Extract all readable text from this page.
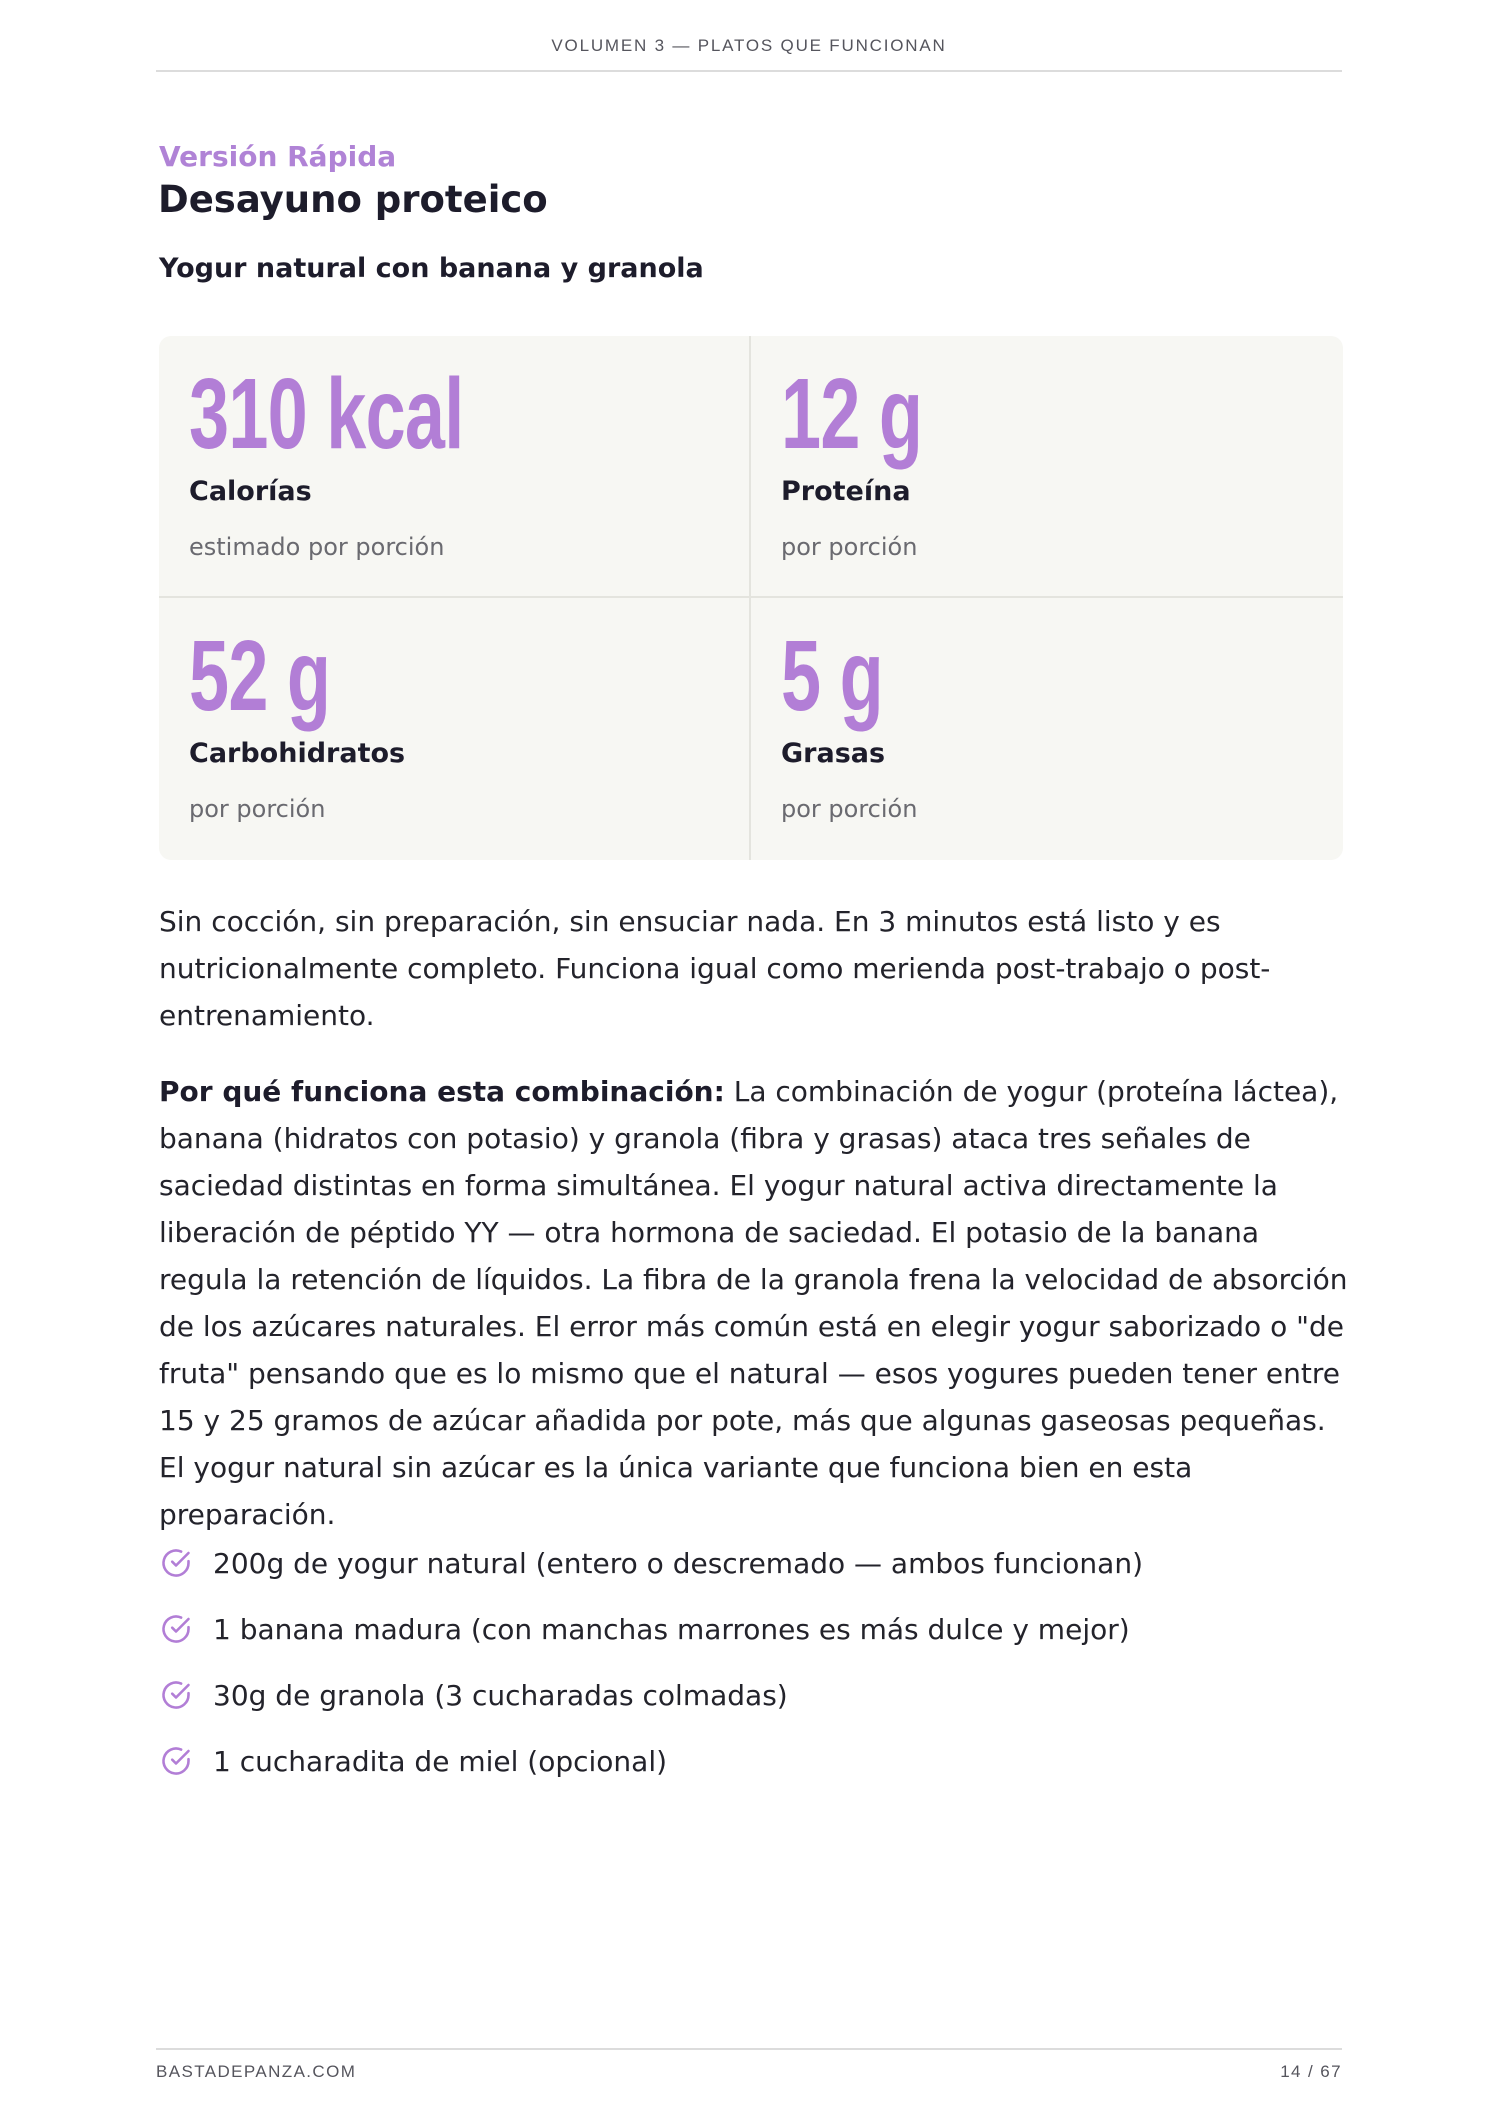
VOLUMEN 3 — PLATOS QUE FUNCIONAN
Versión Rápida
Desayuno proteico
Yogur natural con banana y granola
310 kcal
Calorías
estimado por porción
12 g
Proteína
por porción
52 g
Carbohidratos
por porción
5 g
Grasas
por porción

Sin cocción, sin preparación, sin ensuciar nada. En 3 minutos está listo y es nutricionalmente completo. Funciona igual como merienda post-trabajo o post-entrenamiento.

Por qué funciona esta combinación: La combinación de yogur (proteína láctea), banana (hidratos con potasio) y granola (fibra y grasas) ataca tres señales de saciedad distintas en forma simultánea. El yogur natural activa directamente la liberación de péptido YY — otra hormona de saciedad. El potasio de la banana regula la retención de líquidos. La fibra de la granola frena la velocidad de absorción de los azúcares naturales. El error más común está en elegir yogur saborizado o "de fruta" pensando que es lo mismo que el natural — esos yogures pueden tener entre 15 y 25 gramos de azúcar añadida por pote, más que algunas gaseosas pequeñas. El yogur natural sin azúcar es la única variante que funciona bien en esta preparación.

200g de yogur natural (entero o descremado — ambos funcionan)
1 banana madura (con manchas marrones es más dulce y mejor)
30g de granola (3 cucharadas colmadas)
1 cucharadita de miel (opcional)
BASTADEPANZA.COM	14 / 67
